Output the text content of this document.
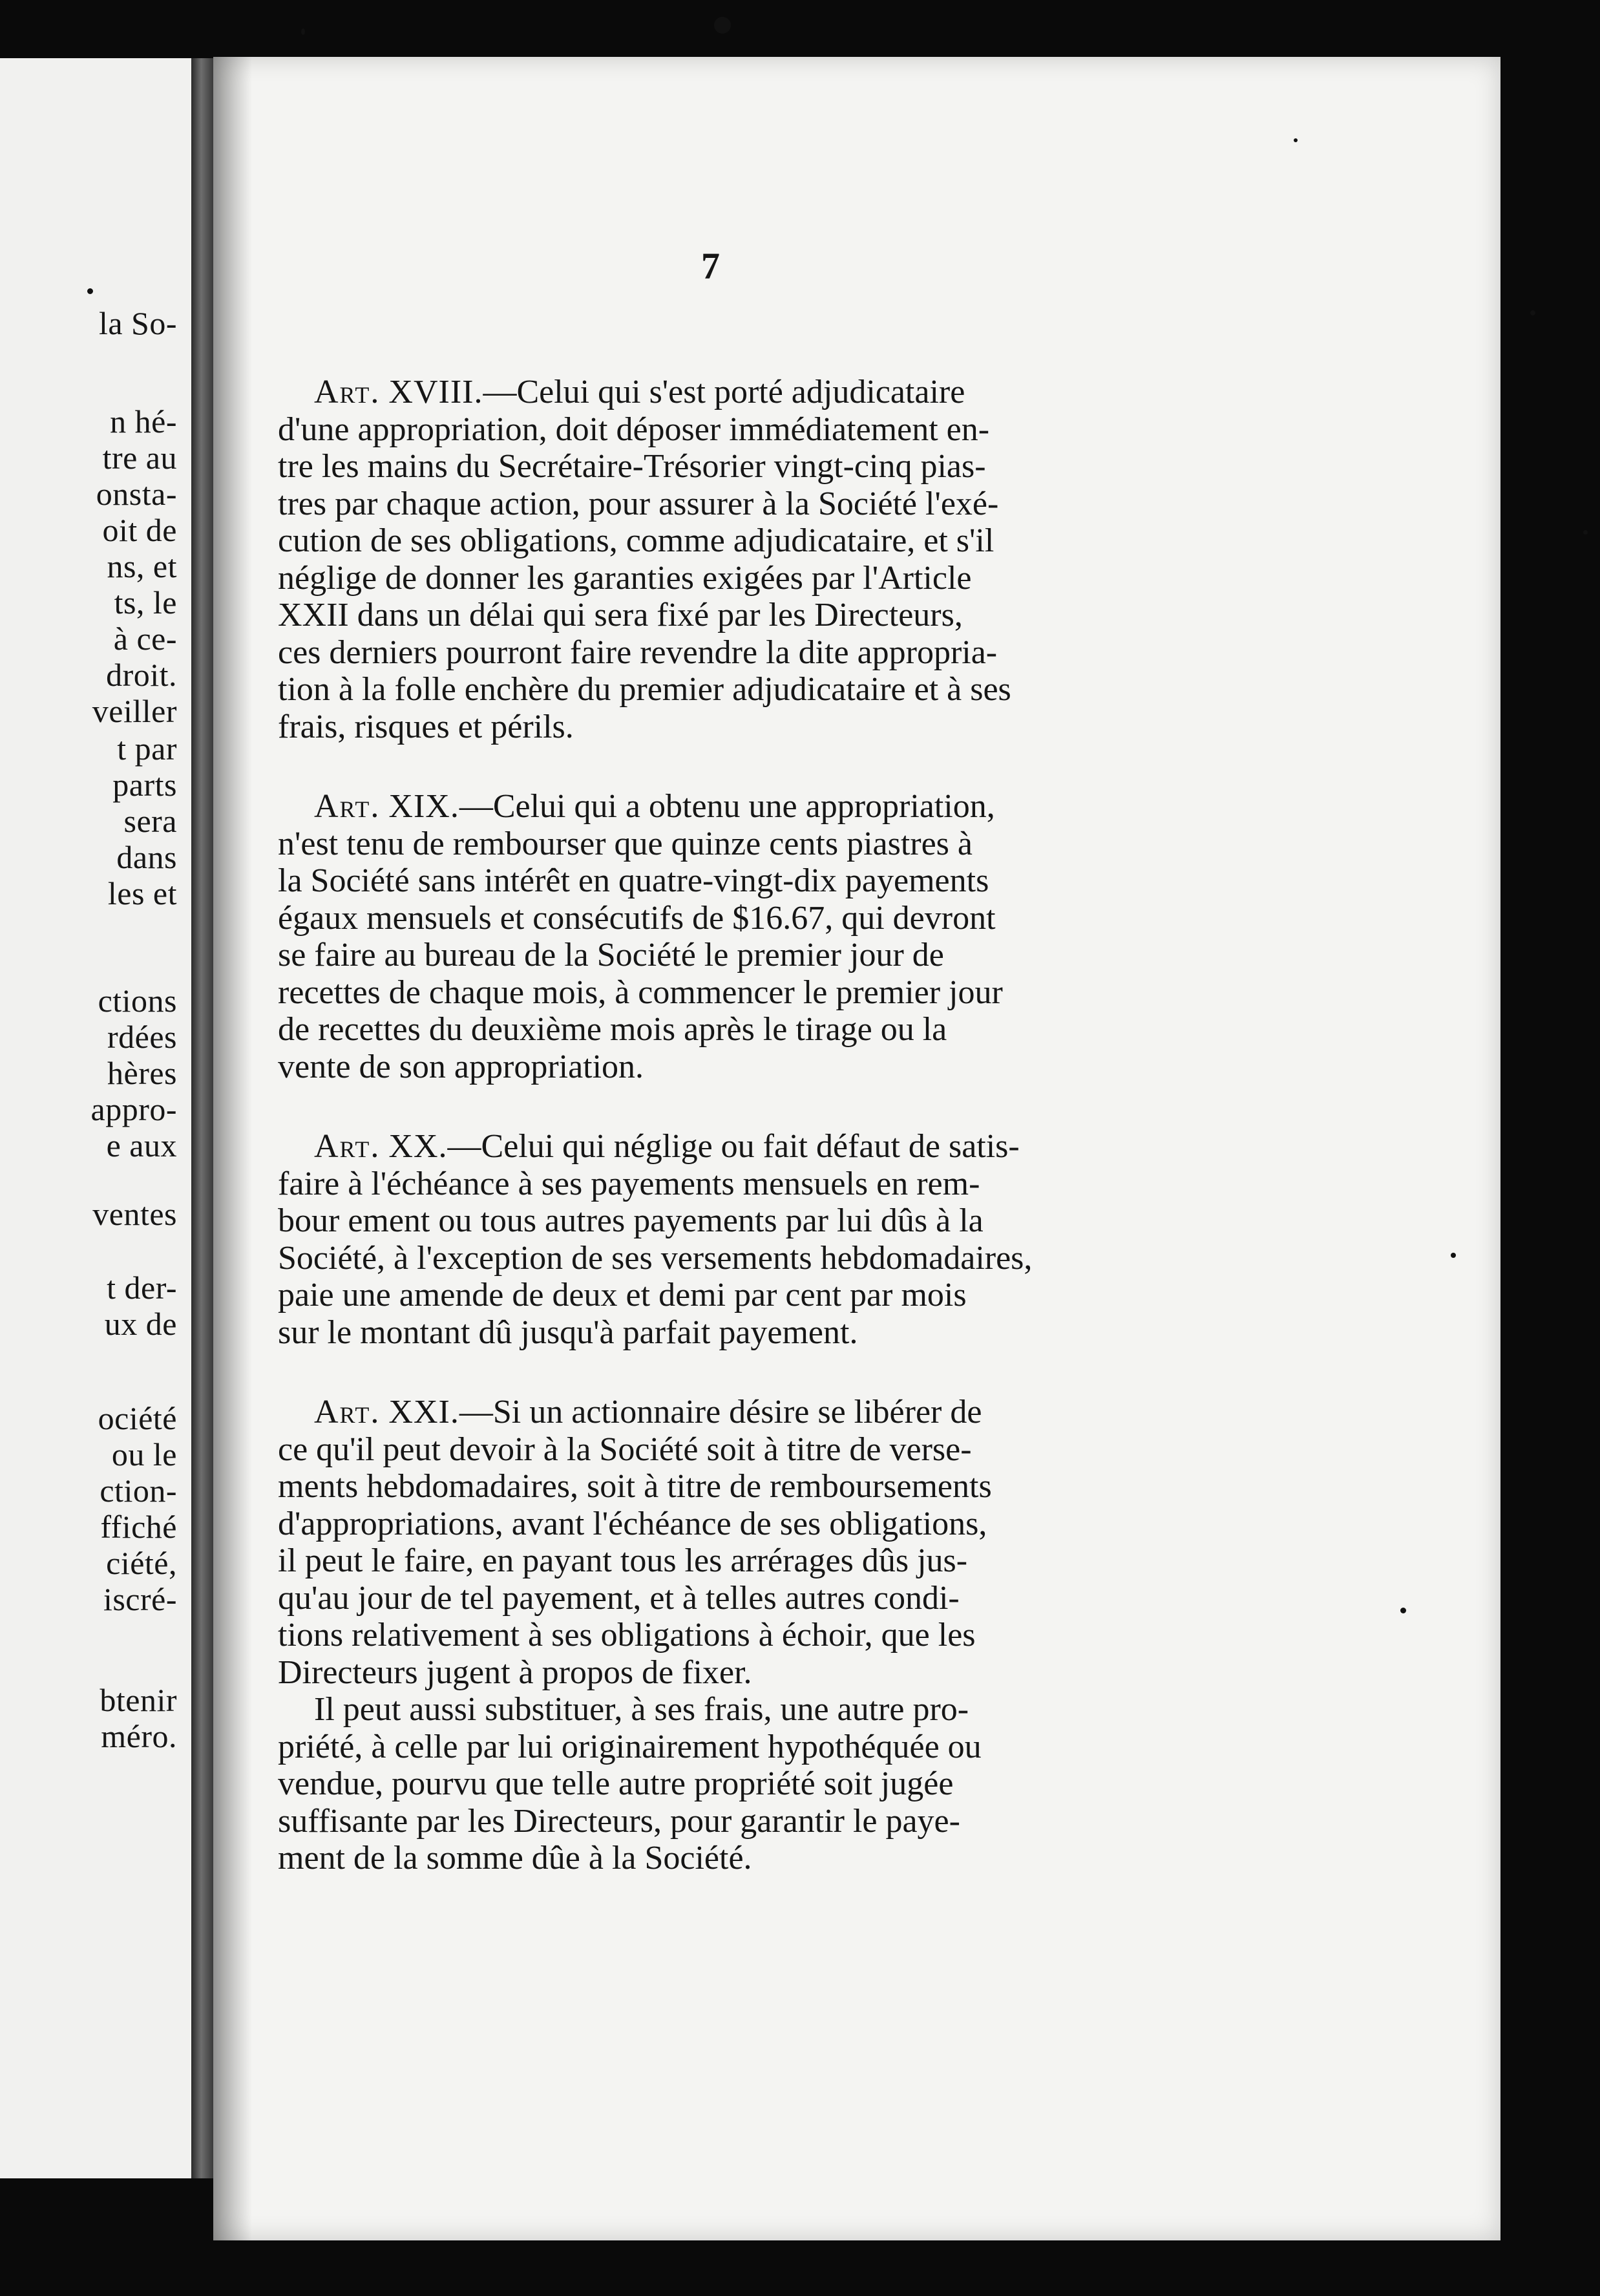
la So-
n hé-
tre au
onsta-
oit de
ns, et
ts, le
à ce-
droit.
veiller
t par
parts
sera
dans
les et
ctions
rdées
hères
appro-
e aux
ventes
t der-
ux de
ociété
ou le
ction-
ffiché
ciété,
iscré-
btenir
méro.
7

Art. XVIII.—Celui qui s'est porté adjudicataire
d'une appropriation, doit déposer immédiatement en-
tre les mains du Secrétaire-Trésorier vingt-cinq pias-
tres par chaque action, pour assurer à la Société l'exé-
cution de ses obligations, comme adjudicataire, et s'il
néglige de donner les garanties exigées par l'Article
XXII dans un délai qui sera fixé par les Directeurs,
ces derniers pourront faire revendre la dite appropria-
tion à la folle enchère du premier adjudicataire et à ses
frais, risques et périls.

Art. XIX.—Celui qui a obtenu une appropriation,
n'est tenu de rembourser que quinze cents piastres à
la Société sans intérêt en quatre-vingt-dix payements
égaux mensuels et consécutifs de $16.67, qui devront
se faire au bureau de la Société le premier jour de
recettes de chaque mois, à commencer le premier jour
de recettes du deuxième mois après le tirage ou la
vente de son appropriation.

Art. XX.—Celui qui néglige ou fait défaut de satis-
faire à l'échéance à ses payements mensuels en rem-
bour ement ou tous autres payements par lui dûs à la
Société, à l'exception de ses versements hebdomadaires,
paie une amende de deux et demi par cent par mois
sur le montant dû jusqu'à parfait payement.

Art. XXI.—Si un actionnaire désire se libérer de
ce qu'il peut devoir à la Société soit à titre de verse-
ments hebdomadaires, soit à titre de remboursements
d'appropriations, avant l'échéance de ses obligations,
il peut le faire, en payant tous les arrérages dûs jus-
qu'au jour de tel payement, et à telles autres condi-
tions relativement à ses obligations à échoir, que les
Directeurs jugent à propos de fixer.

Il peut aussi substituer, à ses frais, une autre pro-
priété, à celle par lui originairement hypothéquée ou
vendue, pourvu que telle autre propriété soit jugée
suffisante par les Directeurs, pour garantir le paye-
ment de la somme dûe à la Société.
